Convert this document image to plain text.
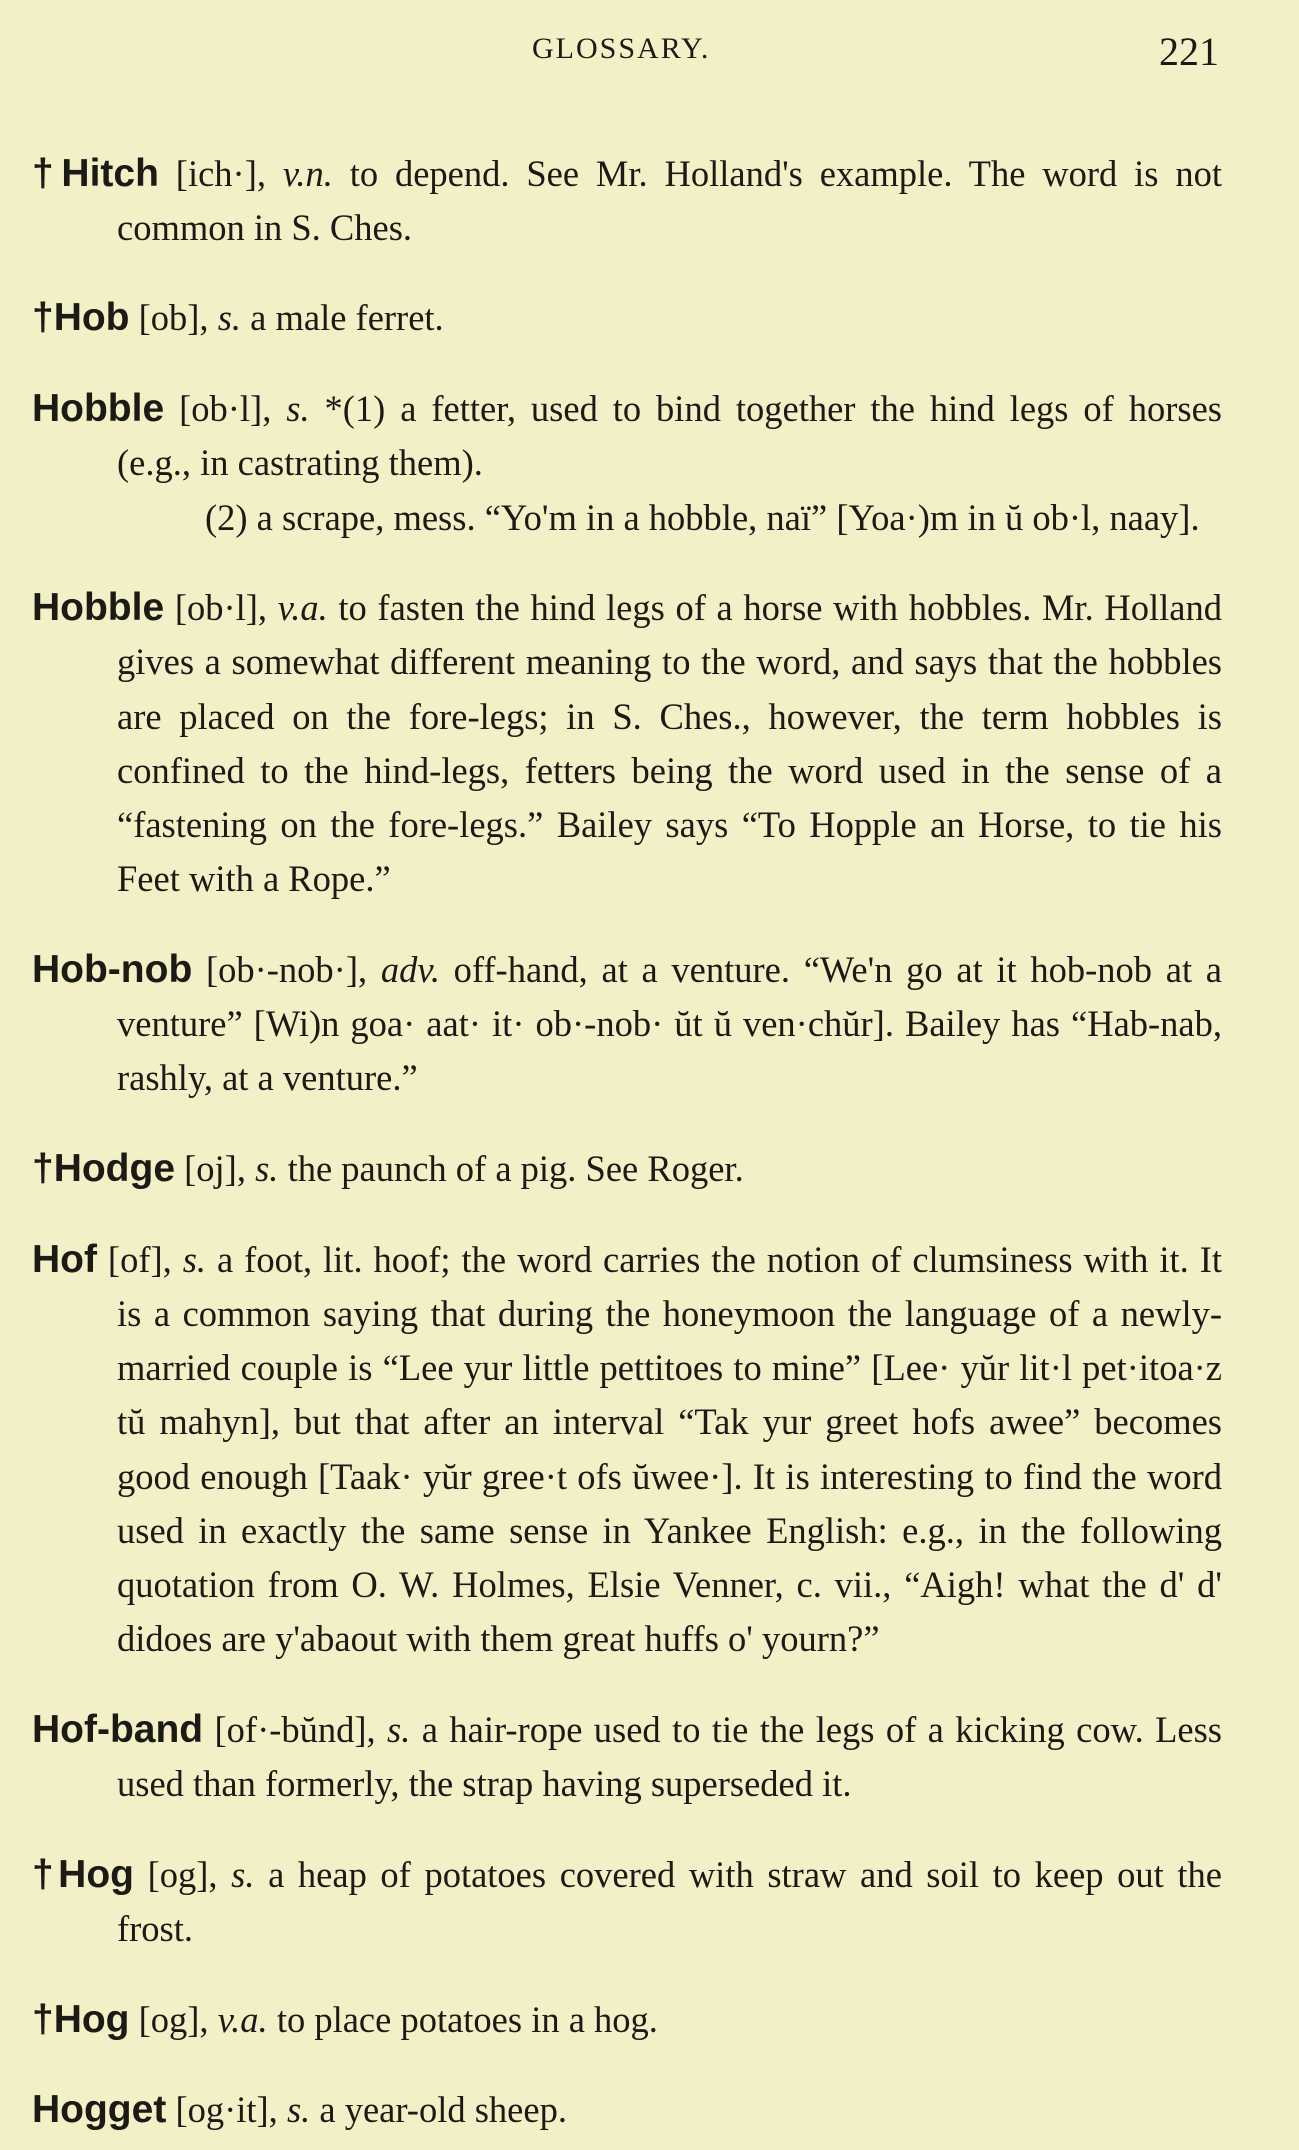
GLOSSARY.	221

†Hitch [ich·], v.n. to depend. See Mr. Holland's example. The word is not common in S. Ches.

†Hob [ob], s. a male ferret.

Hobble [ob·l], s. *(1) a fetter, used to bind together the hind legs of horses (e.g., in castrating them).
(2) a scrape, mess. “Yo'm in a hobble, naï” [Yoa·)m in ŭ ob·l, naay].

Hobble [ob·l], v.a. to fasten the hind legs of a horse with hobbles. Mr. Holland gives a somewhat different meaning to the word, and says that the hobbles are placed on the fore-legs; in S. Ches., however, the term hobbles is confined to the hind-legs, fetters being the word used in the sense of a “fastening on the fore-legs.” Bailey says “To Hopple an Horse, to tie his Feet with a Rope.”

Hob-nob [ob·-nob·], adv. off-hand, at a venture. “We'n go at it hob-nob at a venture” [Wi)n goa· aat· it· ob·-nob· ŭt ŭ ven·chŭr]. Bailey has “Hab-nab, rashly, at a venture.”

†Hodge [oj], s. the paunch of a pig. See Roger.

Hof [of], s. a foot, lit. hoof; the word carries the notion of clumsiness with it. It is a common saying that during the honeymoon the language of a newly-married couple is “Lee yur little pettitoes to mine” [Lee· yŭr lit·l pet·itoa·z tŭ mahyn], but that after an interval “Tak yur greet hofs awee” becomes good enough [Taak· yŭr gree·t ofs ŭwee·]. It is interesting to find the word used in exactly the same sense in Yankee English: e.g., in the following quotation from O. W. Holmes, Elsie Venner, c. vii., “Aigh! what the d' d' didoes are y'abaout with them great huffs o' yourn?”

Hof-band [of·-bŭnd], s. a hair-rope used to tie the legs of a kicking cow. Less used than formerly, the strap having superseded it.

†Hog [og], s. a heap of potatoes covered with straw and soil to keep out the frost.

†Hog [og], v.a. to place potatoes in a hog.

Hogget [og·it], s. a year-old sheep.
